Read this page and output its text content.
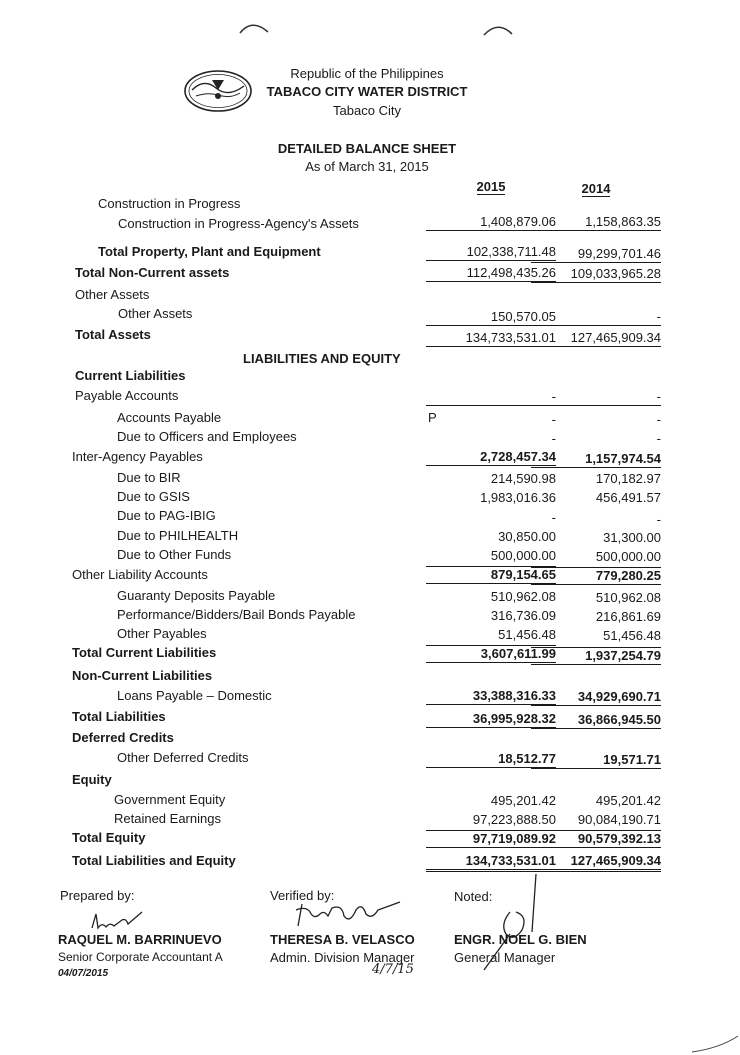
Republic of the Philippines
TABACO CITY WATER DISTRICT
Tabaco City
DETAILED BALANCE SHEET
As of March 31, 2015
2015	2014
Construction in Progress
Construction in Progress-Agency's Assets	1,408,879.06	1,158,863.35
Total Property, Plant and Equipment	102,338,711.48	99,299,701.46
Total Non-Current assets	112,498,435.26	109,033,965.28
Other Assets
Other Assets	150,570.05	-
Total Assets	134,733,531.01	127,465,909.34
LIABILITIES AND EQUITY
Current Liabilities
Payable Accounts	-	-
Accounts Payable	P	-	-
Due to Officers and Employees	-	-
Inter-Agency Payables	2,728,457.34	1,157,974.54
Due to BIR	214,590.98	170,182.97
Due to GSIS	1,983,016.36	456,491.57
Due to PAG-IBIG	-	-
Due to PHILHEALTH	30,850.00	31,300.00
Due to Other Funds	500,000.00	500,000.00
Other Liability Accounts	879,154.65	779,280.25
Guaranty Deposits Payable	510,962.08	510,962.08
Performance/Bidders/Bail Bonds Payable	316,736.09	216,861.69
Other Payables	51,456.48	51,456.48
Total Current Liabilities	3,607,611.99	1,937,254.79
Non-Current Liabilities
Loans Payable – Domestic	33,388,316.33	34,929,690.71
Total Liabilities	36,995,928.32	36,866,945.50
Deferred Credits
Other Deferred Credits	18,512.77	19,571.71
Equity
Government Equity	495,201.42	495,201.42
Retained Earnings	97,223,888.50	90,084,190.71
Total Equity	97,719,089.92	90,579,392.13
Total Liabilities and Equity	134,733,531.01	127,465,909.34
Prepared by:
RAQUEL M. BARRINUEVO
Senior Corporate Accountant A
04/07/2015
Verified by:
THERESA B. VELASCO
Admin. Division Manager
4/7/15
Noted:
ENGR. NOEL G. BIEN
General Manager
